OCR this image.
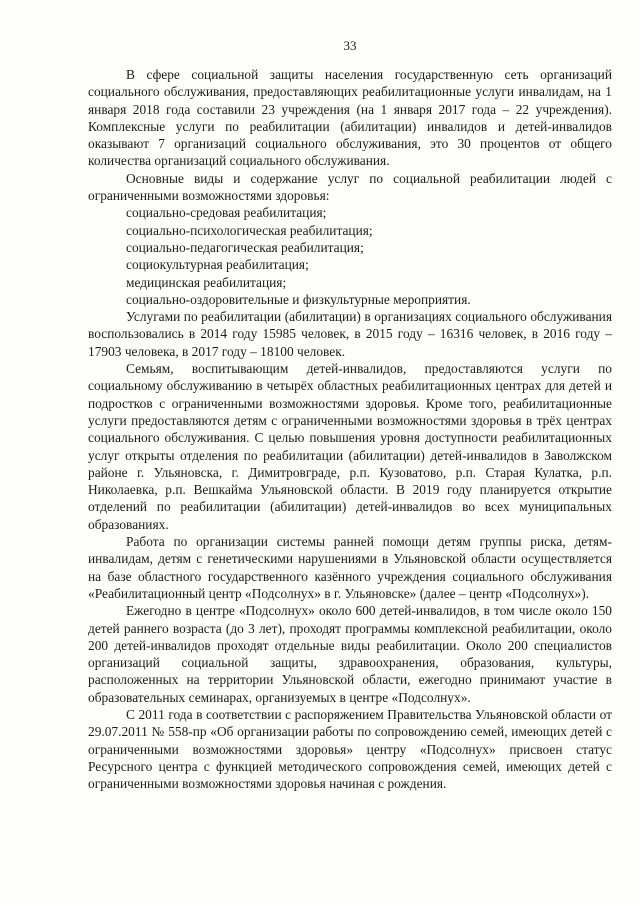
33

В сфере социальной защиты населения государственную сеть организаций социального обслуживания, предоставляющих реабилитационные услуги инвалидам, на 1 января 2018 года составили 23 учреждения (на 1 января 2017 года – 22 учреждения). Комплексные услуги по реабилитации (абилитации) инвалидов и детей-инвалидов оказывают 7 организаций социального обслуживания, это 30 процентов от общего количества организаций социального обслуживания.

Основные виды и содержание услуг по социальной реабилитации людей с ограниченными возможностями здоровья:

социально-средовая реабилитация;
социально-психологическая реабилитация;
социально-педагогическая реабилитация;
социокультурная реабилитация;
медицинская реабилитация;
социально-оздоровительные и физкультурные мероприятия.

Услугами по реабилитации (абилитации) в организациях социального обслуживания воспользовались в 2014 году 15985 человек, в 2015 году – 16316 человек, в 2016 году – 17903 человека, в 2017 году – 18100 человек.

Семьям, воспитывающим детей-инвалидов, предоставляются услуги по социальному обслуживанию в четырёх областных реабилитационных центрах для детей и подростков с ограниченными возможностями здоровья. Кроме того, реабилитационные услуги предоставляются детям с ограниченными возможностями здоровья в трёх центрах социального обслуживания. С целью повышения уровня доступности реабилитационных услуг открыты отделения по реабилитации (абилитации) детей-инвалидов в Заволжском районе г. Ульяновска, г. Димитровграде, р.п. Кузоватово, р.п. Старая Кулатка, р.п. Николаевка, р.п. Вешкайма Ульяновской области. В 2019 году планируется открытие отделений по реабилитации (абилитации) детей-инвалидов во всех муниципальных образованиях.

Работа по организации системы ранней помощи детям группы риска, детям-инвалидам, детям с генетическими нарушениями в Ульяновской области осуществляется на базе областного государственного казённого учреждения социального обслуживания «Реабилитационный центр «Подсолнух» в г. Ульяновске» (далее – центр «Подсолнух»).

Ежегодно в центре «Подсолнух» около 600 детей-инвалидов, в том числе около 150 детей раннего возраста (до 3 лет), проходят программы комплексной реабилитации, около 200 детей-инвалидов проходят отдельные виды реабилитации. Около 200 специалистов организаций социальной защиты, здравоохранения, образования, культуры, расположенных на территории Ульяновской области, ежегодно принимают участие в образовательных семинарах, организуемых в центре «Подсолнух».

С 2011 года в соответствии с распоряжением Правительства Ульяновской области от 29.07.2011 № 558-пр «Об организации работы по сопровождению семей, имеющих детей с ограниченными возможностями здоровья» центру «Подсолнух» присвоен статус Ресурсного центра с функцией методического сопровождения семей, имеющих детей с ограниченными возможностями здоровья начиная с рождения.
